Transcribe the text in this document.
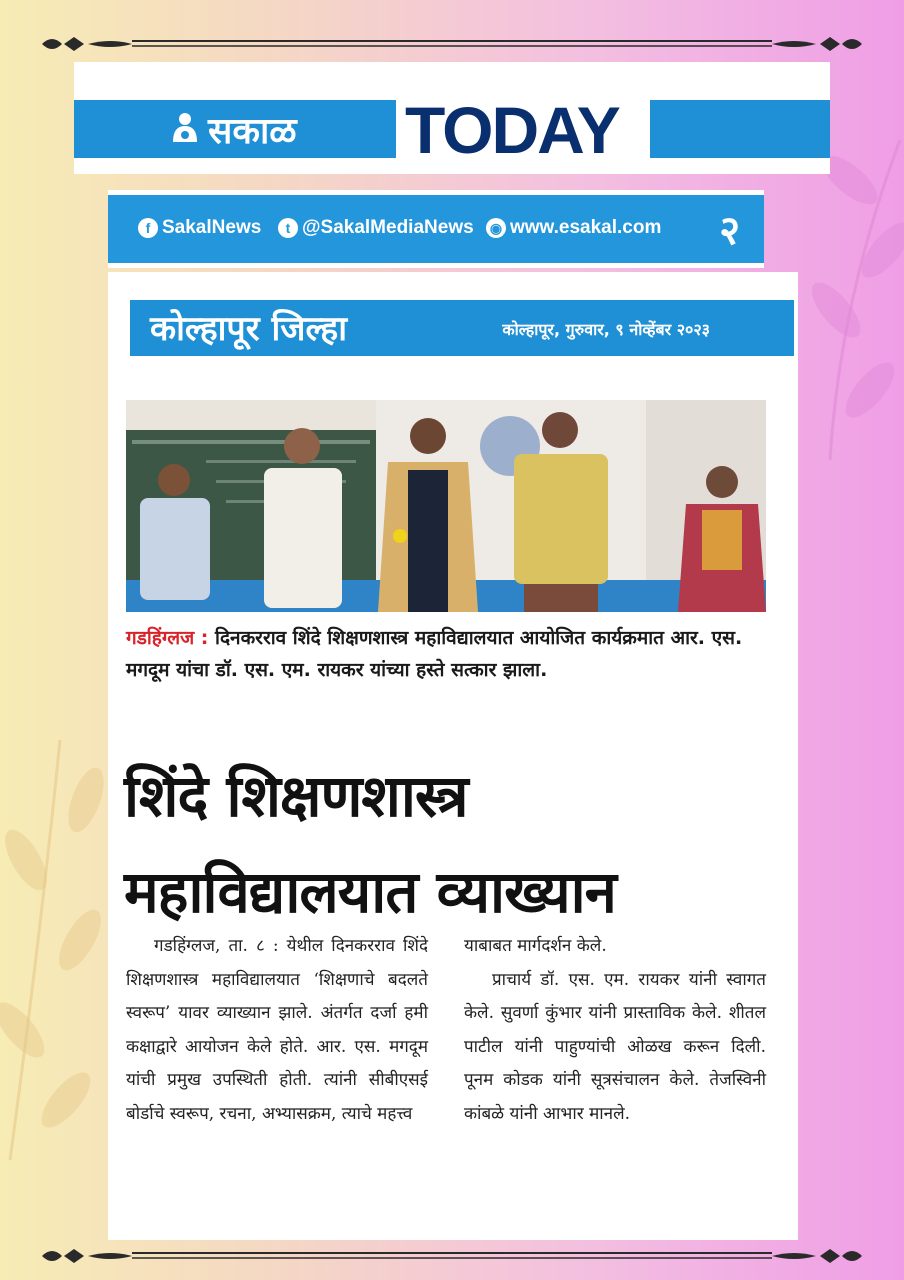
सकाळ TODAY
f SakalNews	t @SakalMediaNews ◉ www.esakal.com २
कोल्हापूर जिल्हा	कोल्हापूर, गुरुवार, ९ नोव्हेंबर २०२३
गडहिंग्लज : दिनकरराव शिंदे शिक्षणशास्त्र महाविद्यालयात आयोजित कार्यक्रमात आर. एस. मगदूम यांचा डॉ. एस. एम. रायकर यांच्या हस्ते सत्कार झाला.
शिंदे शिक्षणशास्त्र
महाविद्यालयात व्याख्यान

गडहिंग्लज, ता. ८ : येथील दिनकरराव शिंदे शिक्षणशास्त्र महाविद्यालयात ‘शिक्षणाचे बदलते स्वरूप’ यावर व्याख्यान झाले. अंतर्गत दर्जा हमी कक्षाद्वारे आयोजन केले होते. आर. एस. मगदूम यांची प्रमुख उपस्थिती होती. त्यांनी सीबीएसई बोर्डाचे स्वरूप, रचना, अभ्यासक्रम, त्याचे महत्त्व

याबाबत मार्गदर्शन केले.

प्राचार्य डॉ. एस. एम. रायकर यांनी स्वागत केले. सुवर्णा कुंभार यांनी प्रास्ताविक केले. शीतल पाटील यांनी पाहुण्यांची ओळख करून दिली. पूनम कोडक यांनी सूत्रसंचालन केले. तेजस्विनी कांबळे यांनी आभार मानले.
